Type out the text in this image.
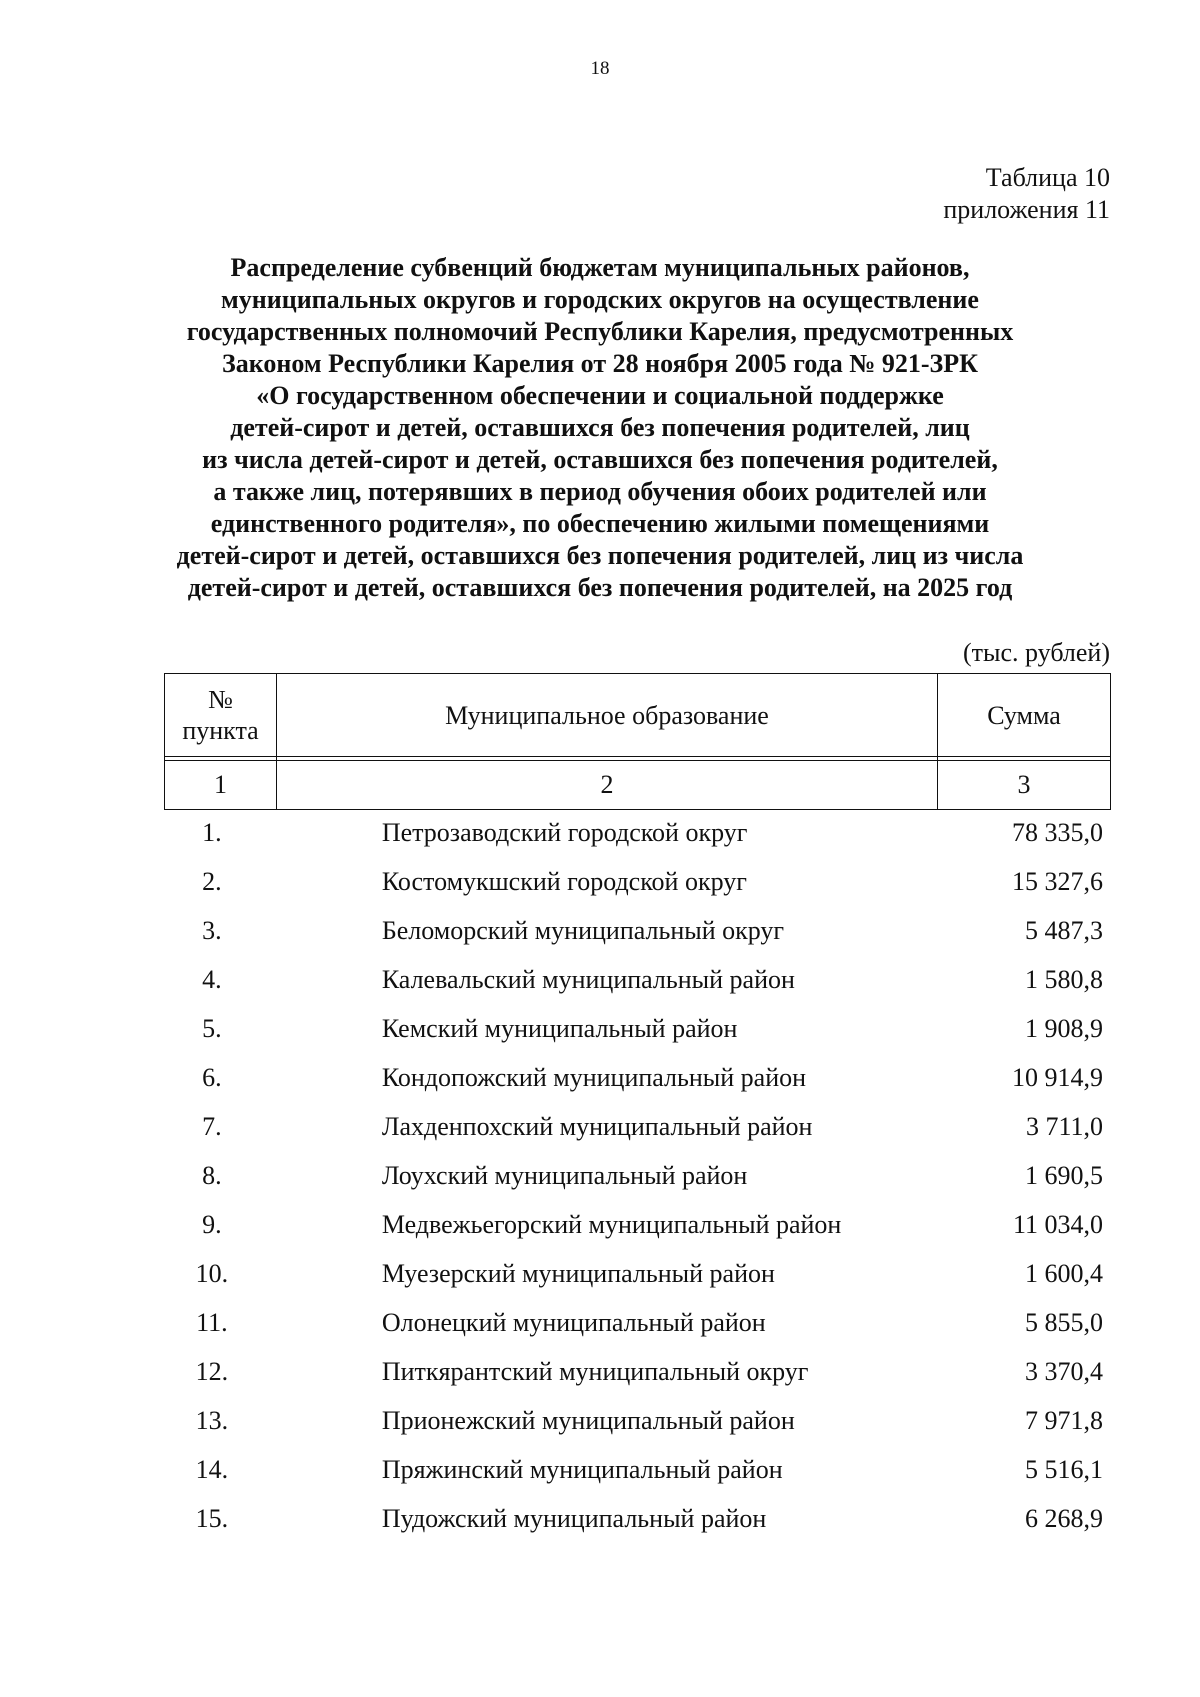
18
Таблица 10
приложения 11
Распределение субвенций бюджетам муниципальных районов,
муниципальных округов и городских округов на осуществление
государственных полномочий Республики Карелия, предусмотренных
Законом Республики Карелия от 28 ноября 2005 года № 921-ЗРК
«О государственном обеспечении и социальной поддержке
детей-сирот и детей, оставшихся без попечения родителей, лиц
из числа детей-сирот и детей, оставшихся без попечения родителей,
а также лиц, потерявших в период обучения обоих родителей или
единственного родителя», по обеспечению жилыми помещениями
детей-сирот и детей, оставшихся без попечения родителей, лиц из числа
детей-сирот и детей, оставшихся без попечения родителей, на 2025 год
(тыс. рублей)
№
пункта	Муниципальное образование	Сумма

1	2	3
1.	Петрозаводский городской округ	78 335,0
2.	Костомукшский городской округ	15 327,6
3.	Беломорский муниципальный округ	5 487,3
4.	Калевальский муниципальный район	1 580,8
5.	Кемский муниципальный район	1 908,9
6.	Кондопожский муниципальный район	10 914,9
7.	Лахденпохский муниципальный район	3 711,0
8.	Лоухский муниципальный район	1 690,5
9.	Медвежьегорский муниципальный район	11 034,0
10.	Муезерский муниципальный район	1 600,4
11.	Олонецкий муниципальный район	5 855,0
12.	Питкярантский муниципальный округ	3 370,4
13.	Прионежский муниципальный район	7 971,8
14.	Пряжинский муниципальный район	5 516,1
15.	Пудожский муниципальный район	6 268,9
